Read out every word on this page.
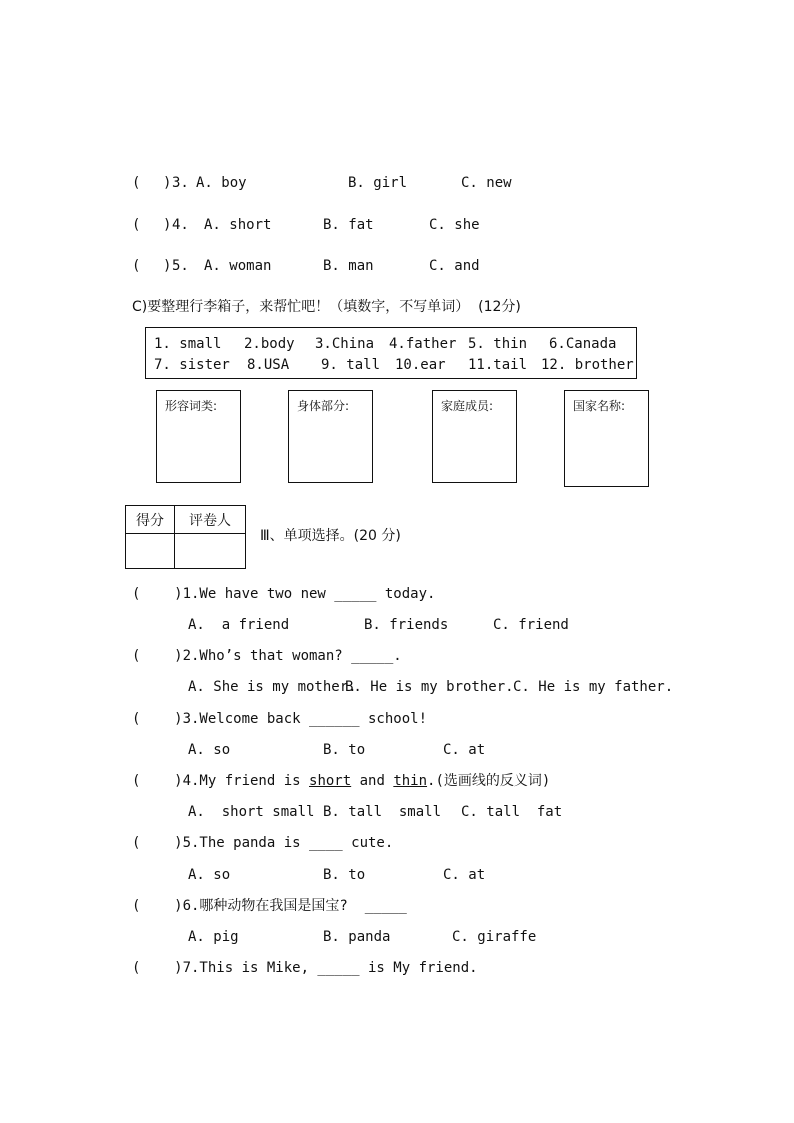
( ) 3. A. boy	B. girl	C. new
( ) 4. A. short	B. fat	C. she
( ) 5. A. woman	B. man	C. and
C)要整理行李箱子，来帮忙吧！（填数字，不写单词）  (12分)
1. small 2.body 3.China 4.father 5. thin 6.Canada
7. sister 8.USA 9. tall 10.ear 11.tail 12. brother
形容词类:	身体部分:	家庭成员:	国家名称:
得分	评卷人

Ⅲ、单项选择。(20 分)
(    )1.We have two new _____ today.
A.  a friend	B. friends	C. friend
(    )2.Who’s that woman? _____.
A. She is my mother.
B. He is my brother. C. He is my father.
(    )3.Welcome back ______ school!
A. so	B. to	C. at
(    )4.My friend is short and thin.(选画线的反义词)
A.  short small B. tall  small C. tall  fat
(    )5.The panda is ____ cute.
A. so	B. to	C. at
(    )6.哪种动物在我国是国宝?  _____
A. pig	B. panda	C. giraffe
(    )7.This is Mike, _____ is My friend.
